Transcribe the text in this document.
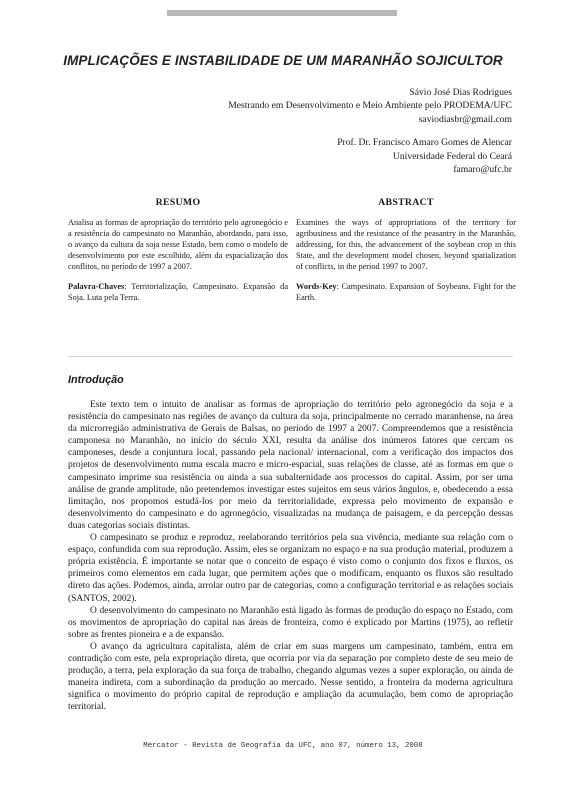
IMPLICAÇÕES E INSTABILIDADE DE UM MARANHÃO SOJICULTOR
Sávio José Dias Rodrigues
Mestrando em Desenvolvimento e Meio Ambiente pelo PRODEMA/UFC
saviodiasbr@gmail.com
Prof. Dr. Francisco Amaro Gomes de Alencar
Universidade Federal do Ceará
famaro@ufc.br
RESUMO

Analisa as formas de apropriação do território pelo agronegócio e a resistência do campesinato no Maranhão, abordando, para isso, o avanço da cultura da soja nesse Estado, bem como o modelo de desenvolvimento por este escolhido, além da espacialização dos conflitos, no período de 1997 a 2007.

Palavra-Chaves: Territorialização, Campesinato. Expansão da Soja. Luta pela Terra.

ABSTRACT

Examines the ways of appropriations of the territory for agribusiness and the resistance of the peasantry in the Maranhão, addressing, for this, the advancement of the soybean crop in this State, and the development model chosen, beyond spatialization of conflicts, in the period 1997 to 2007.

Words-Key: Campesinato. Expansion of Soybeans. Fight for the Earth.

Introdução

Este texto tem o intuito de analisar as formas de apropriação do território pelo agronegócio da soja e a resistência do campesinato nas regiões de avanço da cultura da soja, principalmente no cerrado maranhense, na área da microrregião administrativa de Gerais de Balsas, no período de 1997 a 2007. Compreendemos que a resistência camponesa no Maranhão, no início do século XXI, resulta da análise dos inúmeros fatores que cercam os camponeses, desde a conjuntura local, passando pela nacional/ internacional, com a verificação dos impactos dos projetos de desenvolvimento numa escala macro e micro-espacial, suas relações de classe, até as formas em que o campesinato imprime sua resistência ou ainda a sua subalternidade aos processos do capital. Assim, por ser uma análise de grande amplitude, não pretendemos investigar estes sujeitos em seus vários ângulos, e, obedecendo a essa limitação, nos propomos estudá-los por meio da territorialidade, expressa pelo movimento de expansão e desenvolvimento do campesinato e do agronegócio, visualizadas na mudança de paisagem, e da percepção dessas duas categorias sociais distintas.

O campesinato se produz e reproduz, reelaborando territórios pela sua vivência, mediante sua relação com o espaço, confundida com sua reprodução. Assim, eles se organizam no espaço e na sua produção material, produzem a própria existência. É importante se notar que o conceito de espaço é visto como o conjunto dos fixos e fluxos, os primeiros como elementos em cada lugar, que permitem ações que o modificam, enquanto os fluxos são resultado direto das ações. Podemos, ainda, arrolar outro par de categorias, como a configuração territorial e as relações sociais (SANTOS, 2002).

O desenvolvimento do campesinato no Maranhão está ligado às formas de produção do espaço no Estado, com os movimentos de apropriação do capital nas áreas de fronteira, como é explicado por Martins (1975), ao refletir sobre as frentes pioneira e a de expansão.

O avanço da agricultura capitalista, além de criar em suas margens um campesinato, também, entra em contradição com este, pela expropriação direta, que ocorria por via da separação por completo deste de seu meio de produção, a terra, pela exploração da sua força de trabalho, chegando algumas vezes a super exploração, ou ainda de maneira indireta, com a subordinação da produção ao mercado. Nesse sentido, a fronteira da moderna agricultura significa o movimento do próprio capital de reprodução e ampliação da acumulação, bem como de apropriação territorial.

Mercator - Revista de Geografia da UFC, ano 07, número 13, 2008
